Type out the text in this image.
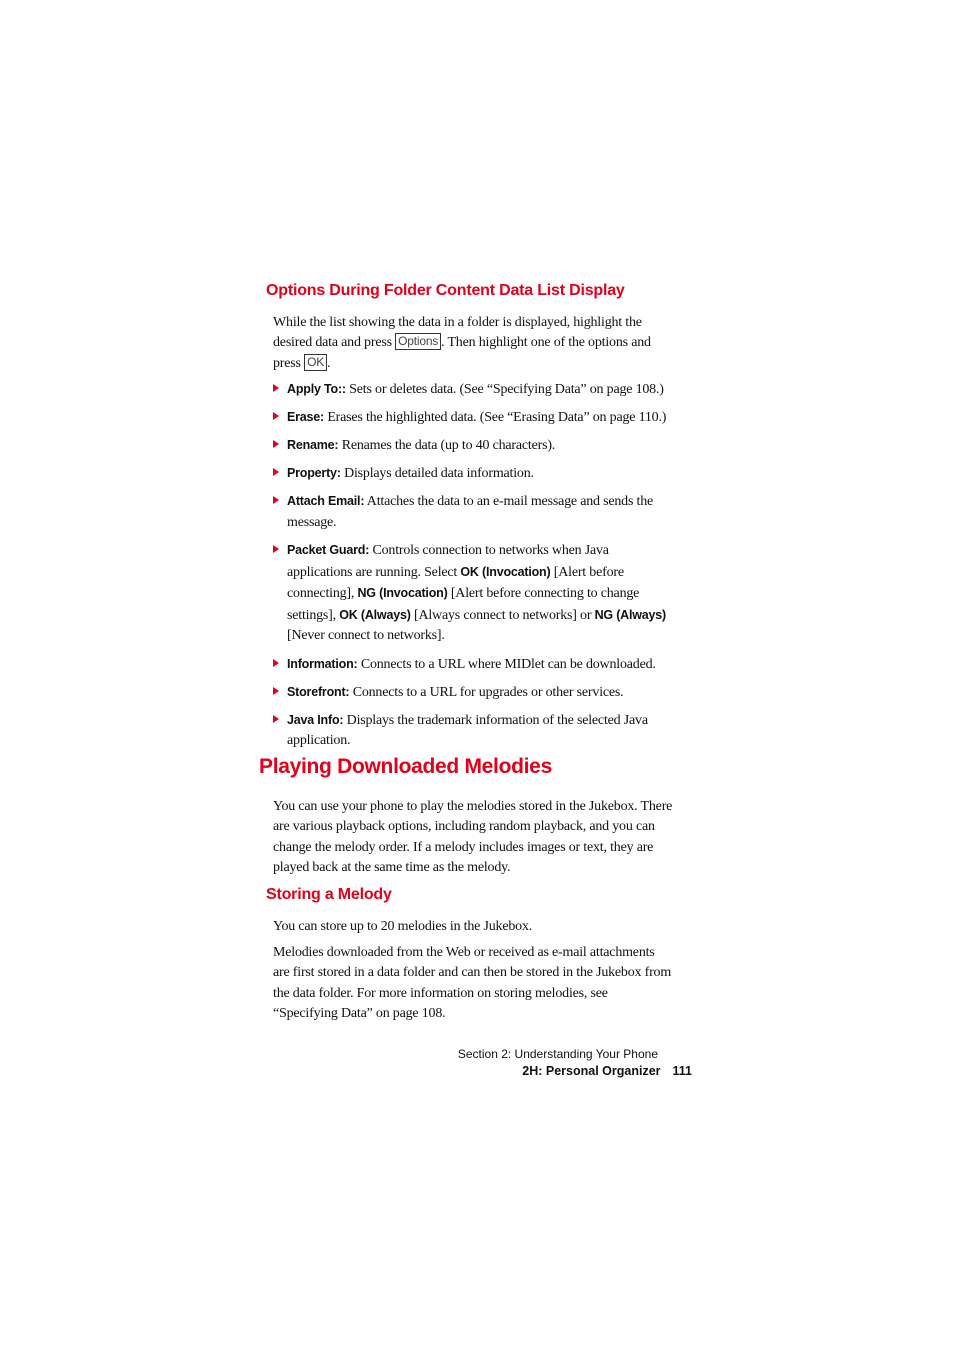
Options During Folder Content Data List Display

While the list showing the data in a folder is displayed, highlight the desired data and press Options . Then highlight one of the options and press OK .

Apply To:: Sets or deletes data. (See “Specifying Data” on page 108.)
Erase: Erases the highlighted data. (See “Erasing Data” on page 110.)
Rename: Renames the data (up to 40 characters).
Property: Displays detailed data information.
Attach Email: Attaches the data to an e-mail message and sends the message.
Packet Guard: Controls connection to networks when Java applications are running. Select OK (Invocation) [Alert before connecting], NG (Invocation) [Alert before connecting to change settings], OK (Always) [Always connect to networks] or NG (Always) [Never connect to networks].
Information: Connects to a URL where MIDlet can be downloaded.
Storefront: Connects to a URL for upgrades or other services.
Java Info: Displays the trademark information of the selected Java application.
Playing Downloaded Melodies

You can use your phone to play the melodies stored in the Jukebox. There are various playback options, including random playback, and you can change the melody order. If a melody includes images or text, they are played back at the same time as the melody.

Storing a Melody

You can store up to 20 melodies in the Jukebox.

Melodies downloaded from the Web or received as e-mail attachments are first stored in a data folder and can then be stored in the Jukebox from the data folder. For more information on storing melodies, see “Specifying Data” on page 108.

Section 2: Understanding Your Phone

2H: Personal Organizer 111
